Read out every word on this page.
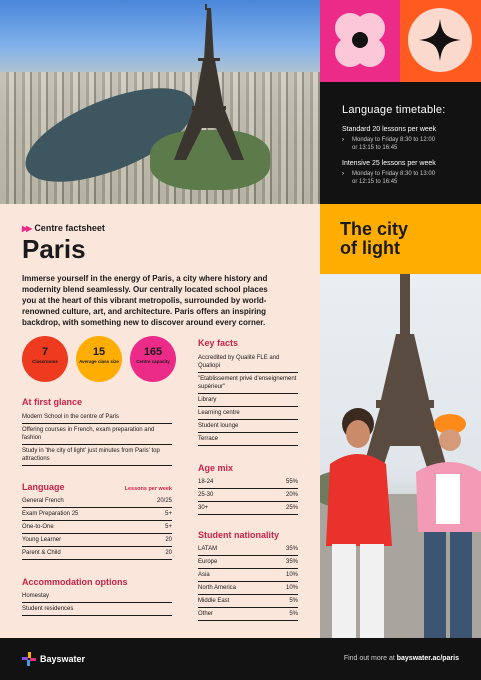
Language timetable:
Standard 20 lessons per week
› Monday to Friday 8:30 to 12:00
or 13:15 to 16:45
Intensive 25 lessons per week
› Monday to Friday 8:30 to 13:00
or 12:15 to 16:45
The city
of light
▶▶ Centre factsheet
Paris
Immerse yourself in the energy of Paris, a city where history and modernity blend seamlessly. Our centrally located school places you at the heart of this vibrant metropolis, surrounded by world-renowned culture, art, and architecture. Paris offers an inspiring backdrop, with something new to discover around every corner.
7
Classrooms
15
Average class size
165
Centre capacity
At first glance
Modern School in the centre of Paris
Offering courses in French, exam preparation and fashion
Study in 'the city of light' just minutes from Paris' top attractions
Language	Lessons per week
General French	20/25
Exam Preparation 25	5+
One-to-One	5+
Young Learner	20
Parent & Child	20
Accommodation options
Homestay
Student residences
Key facts
Accredited by Qualité FLE and Qualiopi
"Etablissement privé d'enseignement supérieur"
Library
Learning centre
Student lounge
Terrace
Age mix
18-24	55%
25-30	20%
30+	25%
Student nationality
LATAM	35%
Europe	35%
Asia	10%
North America	10%
Middle East	5%
Other	5%
Bayswater	Find out more at bayswater.ac/paris
